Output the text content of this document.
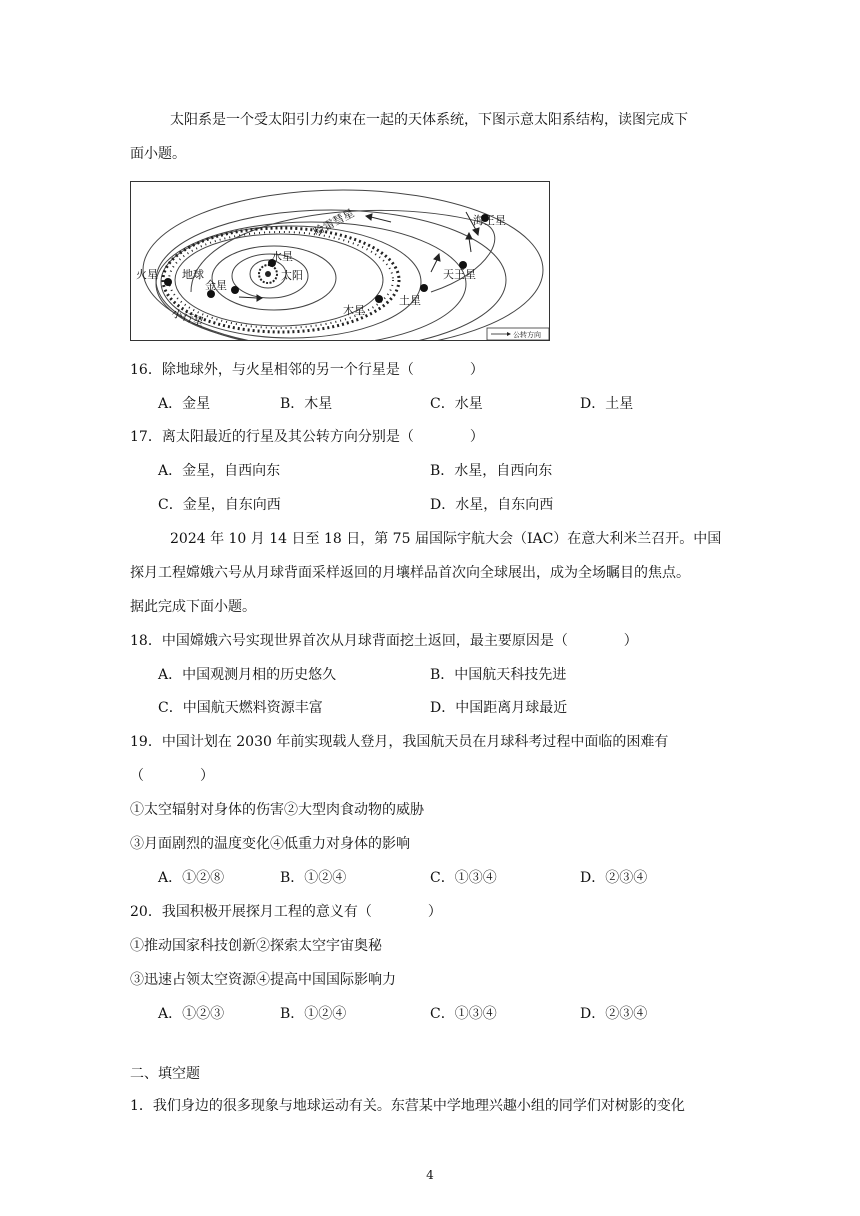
太阳系是一个受太阳引力约束在一起的天体系统，下图示意太阳系结构，读图完成下
面小题。
海王星
天王星
土星
木星
火星 地球
金星
水星
太阳
小行星
哈雷彗星
公转方向
16．除地球外，与火星相邻的另一个行星是（　　　　）
A．金星	B．木星	C．水星	D．土星
17．离太阳最近的行星及其公转方向分别是（　　　　）
A．金星，自西向东	B．水星，自西向东
C．金星，自东向西	D．水星，自东向西
2024 年 10 月 14 日至 18 日，第 75 届国际宇航大会（IAC）在意大利米兰召开。中国
探月工程嫦娥六号从月球背面采样返回的月壤样品首次向全球展出，成为全场瞩目的焦点。
据此完成下面小题。
18．中国嫦娥六号实现世界首次从月球背面挖土返回，最主要原因是（　　　　）
A．中国观测月相的历史悠久	B．中国航天科技先进
C．中国航天燃料资源丰富	D．中国距离月球最近
19．中国计划在 2030 年前实现载人登月，我国航天员在月球科考过程中面临的困难有
（　　　　）
①太空辐射对身体的伤害②大型肉食动物的威胁
③月面剧烈的温度变化④低重力对身体的影响
A．①②⑧	B．①②④	C．①③④	D．②③④
20．我国积极开展探月工程的意义有（　　　　）
①推动国家科技创新②探索太空宇宙奥秘
③迅速占领太空资源④提高中国国际影响力
A．①②③	B．①②④	C．①③④	D．②③④
二、填空题
1．我们身边的很多现象与地球运动有关。东营某中学地理兴趣小组的同学们对树影的变化
4
